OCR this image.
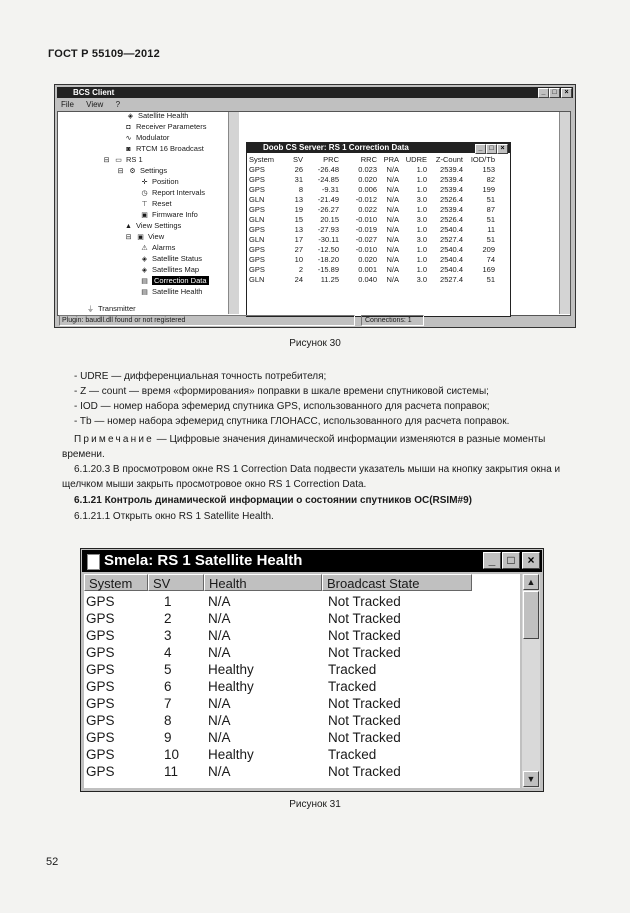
ГОСТ Р 55109—2012
BCS Client	_ □	×
File View ?
◈ Satellite Health
◘ Receiver Parameters
∿ Modulator
◙ RTCM 16 Broadcast
⊟ ▭ RS 1
⊟ ⚙ Settings
✛ Position
◷ Report Intervals
⊤ Reset
▣ Firmware Info
▲ View Settings
⊟ ▣ View
⚠ Alarms
◈ Satellite Status
◈ Satellites Map
▤ Correction Data
▤ Satellite Health
⏚ Transmitter
Doob CS Server: RS 1 Correction Data	_ □ ×
System	SV	PRC	RRC PRA UDRE	Z-Count IOD/Tb
GPS	26	-26.48	0.023	N/A	1.0	2539.4	153
GPS	31	-24.85	0.020	N/A	1.0	2539.4	82
GPS	8	-9.31	0.006	N/A	1.0	2539.4	199
GLN	13	-21.49	-0.012	N/A	3.0	2526.4	51
GPS	19	-26.27	0.022	N/A	1.0	2539.4	87
GLN	15	20.15	-0.010	N/A	3.0	2526.4	51
GPS	13	-27.93	-0.019	N/A	1.0	2540.4	11
GLN	17	-30.11	-0.027	N/A	3.0	2527.4	51
GPS	27	-12.50	-0.010	N/A	1.0	2540.4	209
GPS	10	-18.20	0.020	N/A	1.0	2540.4	74
GPS	2	-15.89	0.001	N/A	1.0	2540.4	169
GLN	24	11.25	0.040	N/A	3.0	2527.4	51
Plugin: baudll.dll found or not registered	Connections: 1
Рисунок 30
- UDRE — дифференциальная точность потребителя;
- Z — count — время «формирования» поправки в шкале времени спутниковой системы;
- IOD — номер набора эфемерид спутника GPS, использованного для расчета поправок;
- Tb — номер набора эфемерид спутника ГЛОНАСС, использованного для расчета поправок.
Примечание — Цифровые значения динамической информации изменяются в разные моменты времени.
6.1.20.3 В просмотровом окне RS 1 Correction Data подвести указатель мыши на кнопку закрытия окна и щелчком мыши закрыть просмотровое окно RS 1 Correction Data.
6.1.21 Контроль динамической информации о состоянии спутников ОС(RSIM#9)
6.1.21.1 Открыть окно RS 1 Satellite Health.
Smela: RS 1 Satellite Health	_	□	×
System	SV	Health	Broadcast State
GPS	1	N/A	Not Tracked
GPS	2	N/A	Not Tracked
GPS	3	N/A	Not Tracked
GPS	4	N/A	Not Tracked
GPS	5	Healthy	Tracked
GPS	6	Healthy	Tracked
GPS	7	N/A	Not Tracked
GPS	8	N/A	Not Tracked
GPS	9	N/A	Not Tracked
GPS	10 Healthy	Tracked
GPS	11 N/A	Not Tracked
▲
▼
Рисунок 31
52
